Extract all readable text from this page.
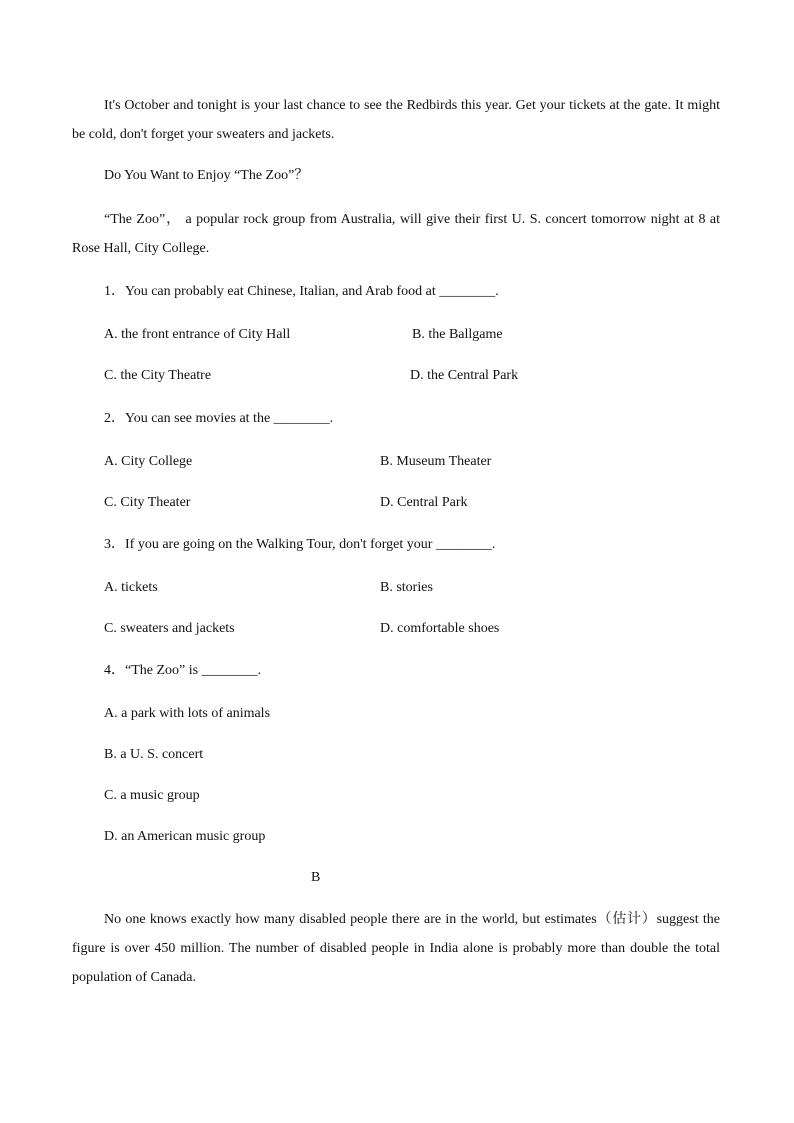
It's October and tonight is your last chance to see the Redbirds this year. Get your tickets at the gate. It might be cold, don't forget your sweaters and jackets.

Do You Want to Enjoy “The Zoo”？

“The Zoo”， a popular rock group from Australia, will give their first U. S. concert tomorrow night at 8 at Rose Hall, City College.

1．You can probably eat Chinese, Italian, and Arab food at ________.

A. the front entrance of City Hall	B. the Ballgame
C. the City Theatre	D. the Central Park

2．You can see movies at the ________.

A. City College	B. Museum Theater
C. City Theater	D. Central Park

3．If you are going on the Walking Tour, don't forget your ________.

A. tickets	B. stories
C. sweaters and jackets	D. comfortable shoes

4．“The Zoo” is ________.

A. a park with lots of animals

B. a U. S. concert

C. a music group

D. an American music group

B

No one knows exactly how many disabled people there are in the world, but estimates（估计）suggest the figure is over 450 million. The number of disabled people in India alone is probably more than double the total population of Canada.
